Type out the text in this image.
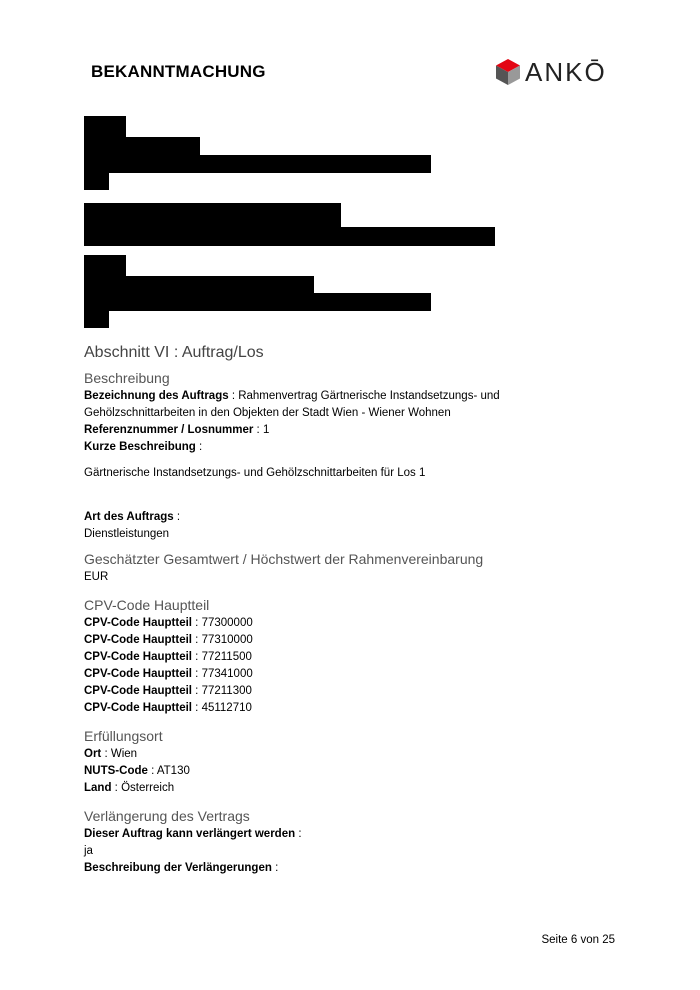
BEKANNTMACHUNG	ANKŌ

Abschnitt VI : Auftrag/Los

Beschreibung

Bezeichnung des Auftrags : Rahmenvertrag Gärtnerische Instandsetzungs- und

Gehölzschnittarbeiten in den Objekten der Stadt Wien - Wiener Wohnen

Referenznummer / Losnummer : 1

Kurze Beschreibung :

Gärtnerische Instandsetzungs- und Gehölzschnittarbeiten für Los 1

Art des Auftrags :

Dienstleistungen

Geschätzter Gesamtwert / Höchstwert der Rahmenvereinbarung

EUR

CPV-Code Hauptteil

CPV-Code Hauptteil : 77300000

CPV-Code Hauptteil : 77310000

CPV-Code Hauptteil : 77211500

CPV-Code Hauptteil : 77341000

CPV-Code Hauptteil : 77211300

CPV-Code Hauptteil : 45112710

Erfüllungsort

Ort : Wien

NUTS-Code : AT130

Land : Österreich

Verlängerung des Vertrags

Dieser Auftrag kann verlängert werden :

ja

Beschreibung der Verlängerungen :

Seite 6 von 25
